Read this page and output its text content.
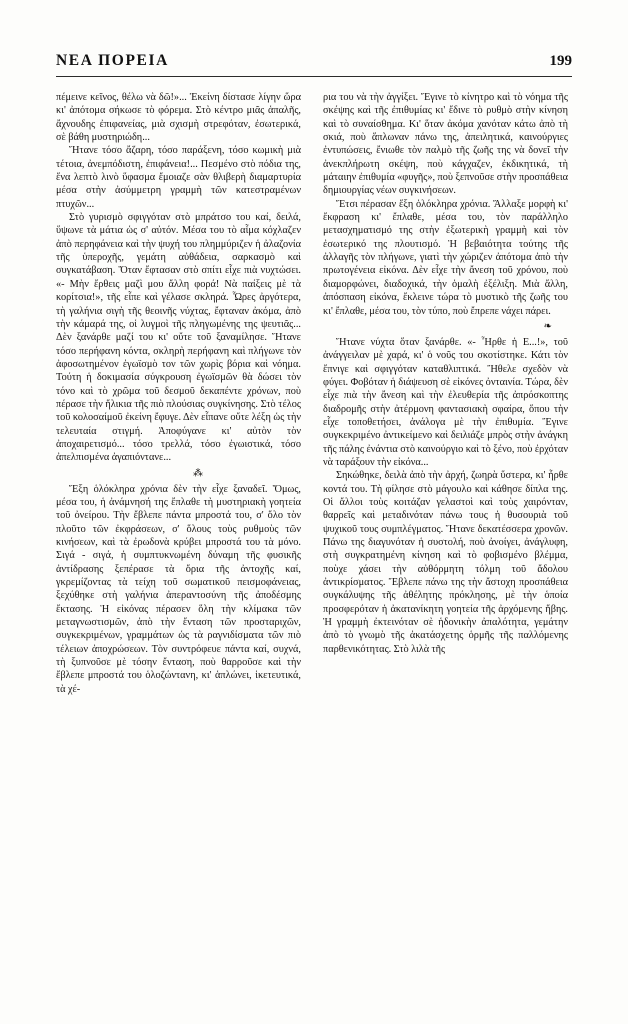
ΝΕΑ ΠΟΡΕΙΑ	199

πέμεινε κεῖνος, θέλω νὰ δῶ!»... Ἐκείνη δίστασε λίγην ὥρα κι' ἀπότομα σήκωσε τὸ φόρεμα. Στὸ κέντρο μιᾶς ἁπαλῆς, ἄχνουδης ἐπιφανείας, μιὰ σχισμὴ στρεφόταν, ἐσωτερικά, σὲ βάθη μυστηριώδη...

Ἥτανε τόσο ἄζαρη, τόσο παράξενη, τόσο κωμικὴ μιὰ τέτοια, ἀνεμπόδιστη, ἐπιφάνεια!... Πεσμένο στὸ πόδια της, ἕνα λεπτὸ λινὸ ὕφασμα ἔμοιαζε σὰν θλιβερὴ διαμαρτυρία μέσα στὴν ἀσύμμετρη γραμμὴ τῶν κατεστραμένων πτυχῶν...

Στὸ γυρισμὸ σφιγγόταν στὸ μπράτσο του καί, δειλά, ὕψωνε τὰ μάτια ὡς σ' αὐτόν. Μέσα του τὸ αἷμα κόχλαζεν ἀπὸ περηφάνεια καὶ τὴν ψυχή του πλημμύριζεν ἡ ἀλαζονία τῆς ὑπεροχῆς, γεμάτη αὐθάδεια, σαρκασμὸ καὶ συγκατάβαση. Ὅταν ἔφτασαν στὸ σπίτι εἶχε πιὰ νυχτώσει. «- Μὴν ἔρθεις μαζὶ μου ἄλλη φορά! Νὰ παίξεις μὲ τὰ κορίτσια!», τῆς εἶπε καὶ γέλασε σκληρά. Ὧρες ἀργότερα, τὴ γαλήνια σιγὴ τῆς θεοινῆς νύχτας, ἔφταναν ἀκόμα, ἀπὸ τὴν κάμαρά της, οἱ λυγμοὶ τῆς πληγωμένης της ψευτιᾶς... Δὲν ξανάρθε μαζί του κι' οὔτε τοῦ ξαναμίλησε. Ἥτανε τόσο περήφανη κόντα, σκληρὴ περήφανη καὶ πλήγωνε τὸν ἀφοσωτημένον ἐγωϊσμὸ τον τῶν χωρὶς βόρια καὶ νόημα. Τούτη ἡ δοκιμασία σύγκρουση ἐγωϊσμῶν θὰ δώσει τὸν τόνο καὶ τὸ χρῶμα τοῦ δεσμοῦ δεκαπέντε χρόνων, ποὺ πέρασε τὴν ἥλικια τῆς πιὸ πλούσιας συγκίνησης. Στὸ τέλος τοῦ κολοσαίμοῦ ἐκείνη ἔφυγε. Δὲν εἶπανε οὔτε λέξη ὡς τὴν τελευταία στιγμή. Ἀποφύγανε κι' αὐτὸν τὸν ἀποχαιρετισμό... τόσο τρελλά, τόσο ἐγωιστικά, τόσο ἀπελπισμένα ἀγαπιόντανε...

⁂

Ἕξη ὁλόκληρα χρόνια δὲν τὴν εἶχε ξαναδεῖ. Ὅμως, μέσα του, ἡ ἀνάμνησή της ἔπλαθε τὴ μυστηριακὴ γοητεία τοῦ ὀνείρου. Τὴν ἔβλεπε πάντα μπροστά του, σ' ὅλο τὸν πλοῦτο τῶν ἐκφράσεων, σ' ὅλους τοὺς ρυθμοὺς τῶν κινήσεων, καὶ τὰ ἐρωδονὰ κρύβει μπροστά του τὰ μόνο. Σιγά - σιγά, ἡ συμπτυκνωμένη δύναμη τῆς φυσικῆς ἀντίδρασης ξεπέρασε τὰ ὅρια τῆς ἀντοχῆς καί, γκρεμίζοντας τὰ τείχη τοῦ σωματικοῦ πεισμοφάνειας, ξεχύθηκε στὴ γαλήνια ἀπεραντοσύνη τῆς ἀποδέσμης ἔκτασης. Ἡ εἰκόνας πέρασεν ὅλη τὴν κλίμακα τῶν μεταγνωστισμῶν, ἀπὸ τὴν ἔνταση τῶν προσταριχῶν, συγκεκριμένων, γραμμάτων ὡς τὰ ραγνιδίσματα τῶν πιὸ τέλειων ἀποχρώσεων. Τὸν συντρόφευε πάντα καί, συχνά, τὴ ξυπνοῦσε μὲ τόσην ἔνταση, ποὺ θαρροῦσε καὶ τὴν ἔβλεπε μπροστά του ὁλοζώντανη, κι' ἁπλώνει, ἱκετευτικά, τὰ χέ-

ρια του νὰ τὴν ἀγγίξει. Ἔγινε τὸ κίνητρο καὶ τὸ νόημα τῆς σκέψης καὶ τῆς ἐπιθυμίας κι' ἔδινε τὸ ρυθμὸ στὴν κίνηση καὶ τὸ συναίσθημα. Κι' ὅταν ἀκόμα χανόταν κάτω ἀπὸ τὴ σκιά, ποὺ ἅπλωναν πάνω της, ἀπειλητικά, καινούργιες ἐντυπώσεις, ἔνιωθε τὸν παλμὸ τῆς ζωῆς της νὰ δονεῖ τὴν ἀνεκπλήρωτη σκέψη, ποὺ κάγχαζεν, ἐκδικητικά, τὴ μάταιην ἐπιθυμία «φυγῆς», ποὺ ξεπνοῦσε στὴν προσπάθεια δημιουργίας νέων συγκινήσεων.

Ἔτσι πέρασαν ἕξη ὁλόκληρα χρόνια. Ἄλλαξε μορφὴ κι' ἔκφραση κι' ἔπλαθε, μέσα του, τὸν παράλληλο μετασχηματισμό της στὴν ἐξωτερικὴ γραμμὴ καὶ τὸν ἐσωτερικό της πλουτισμό. Ἡ βεβαιότητα τούτης τῆς ἀλλαγῆς τὸν πλήγωνε, γιατὶ τὴν χώριζεν ἀπότομα ἀπὸ τὴν πρωτογένεια εἰκόνα. Δὲν εἶχε τὴν ἄνεση τοῦ χρόνου, ποὺ διαμορφώνει, διαδοχικά, τὴν ὁμαλὴ ἐξέλιξη. Μιὰ ἄλλη, ἀπόσπαση εἰκόνα, ἔκλεινε τώρα τὸ μυστικὸ τῆς ζωῆς του κι' ἔπλαθε, μέσα του, τὸν τύπο, ποὺ ἔπρεπε νάχει πάρει.

❧

Ἥτανε νύχτα ὅταν ξανάρθε. «- Ἦρθε ἡ Ε...!», τοῦ ἀνάγγειλαν μὲ χαρά, κι' ὁ νοῦς του σκοτίστηκε. Κάτι τὸν ἔπνιγε καὶ σφιγγόταν καταθλιπτικά. Ἤθελε σχεδὸν νὰ φύγει. Φοβόταν ἡ διάψευση σὲ εἰκόνες ὀνταινία. Τώρα, δὲν εἶχε πιὰ τὴν ἄνεση καὶ τὴν ἐλευθερία τῆς ἀπρόσκοπτης διαδρομῆς στὴν ἀτέρμονη φαντασιακὴ σφαίρα, ὅπου τὴν εἶχε τοποθετήσει, ἀνάλογα μὲ τὴν ἐπιθυμία. Ἔγινε συγκεκριμένο ἀντικείμενο καὶ δειλιάζε μπρὸς στὴν ἀνάγκη τῆς πάλης ἐνάντια στὸ καινούργιο καὶ τὸ ξένο, ποὺ ἐρχόταν νὰ ταράξουν τὴν εἰκόνα...

Σηκώθηκε, δειλὰ ἀπὸ τὴν ἀρχή, ζωηρὰ ὕστερα, κι' ἦρθε κοντά του. Τὴ φίλησε στὸ μάγουλο καὶ κάθησε δίπλα της. Οἱ ἄλλοι τοὺς κοιτάζαν γελαστοὶ καὶ τοὺς χαιρόνταν, θαρρεῖς καὶ μεταδινόταν πάνω τους ἡ θυσουριὰ τοῦ ψυχικοῦ τους συμπλέγματος. Ἥτανε δεκατέσσερα χρονῶν. Πάνω της διαγυνόταν ἡ συστολή, ποὺ ἀνοίγει, ἀνάγλυφη, στὴ συγκρατημένη κίνηση καὶ τὸ φοβισμένο βλέμμα, ποὺχε χάσει τὴν αὐθόρμητη τόλμη τοῦ ἄδολου ἀντικρίσματος. Ἔβλεπε πάνω της τὴν ἄστοχη προσπάθεια συγκάλυψης τῆς ἀθέλητης πρόκλησης, μὲ τὴν ὁποία προσφερόταν ἡ ἀκατανίκητη γοητεία τῆς ἀρχόμενης ἥβης. Ἡ γραμμὴ ἐκτεινόταν σὲ ἡδονικὴν ἀπαλότητα, γεμάτην ἀπὸ τὸ γνωμὸ τῆς ἀκατάσχετης ὁρμῆς τῆς παλλόμενης παρθενικότητας. Στὸ λιλὰ τῆς
